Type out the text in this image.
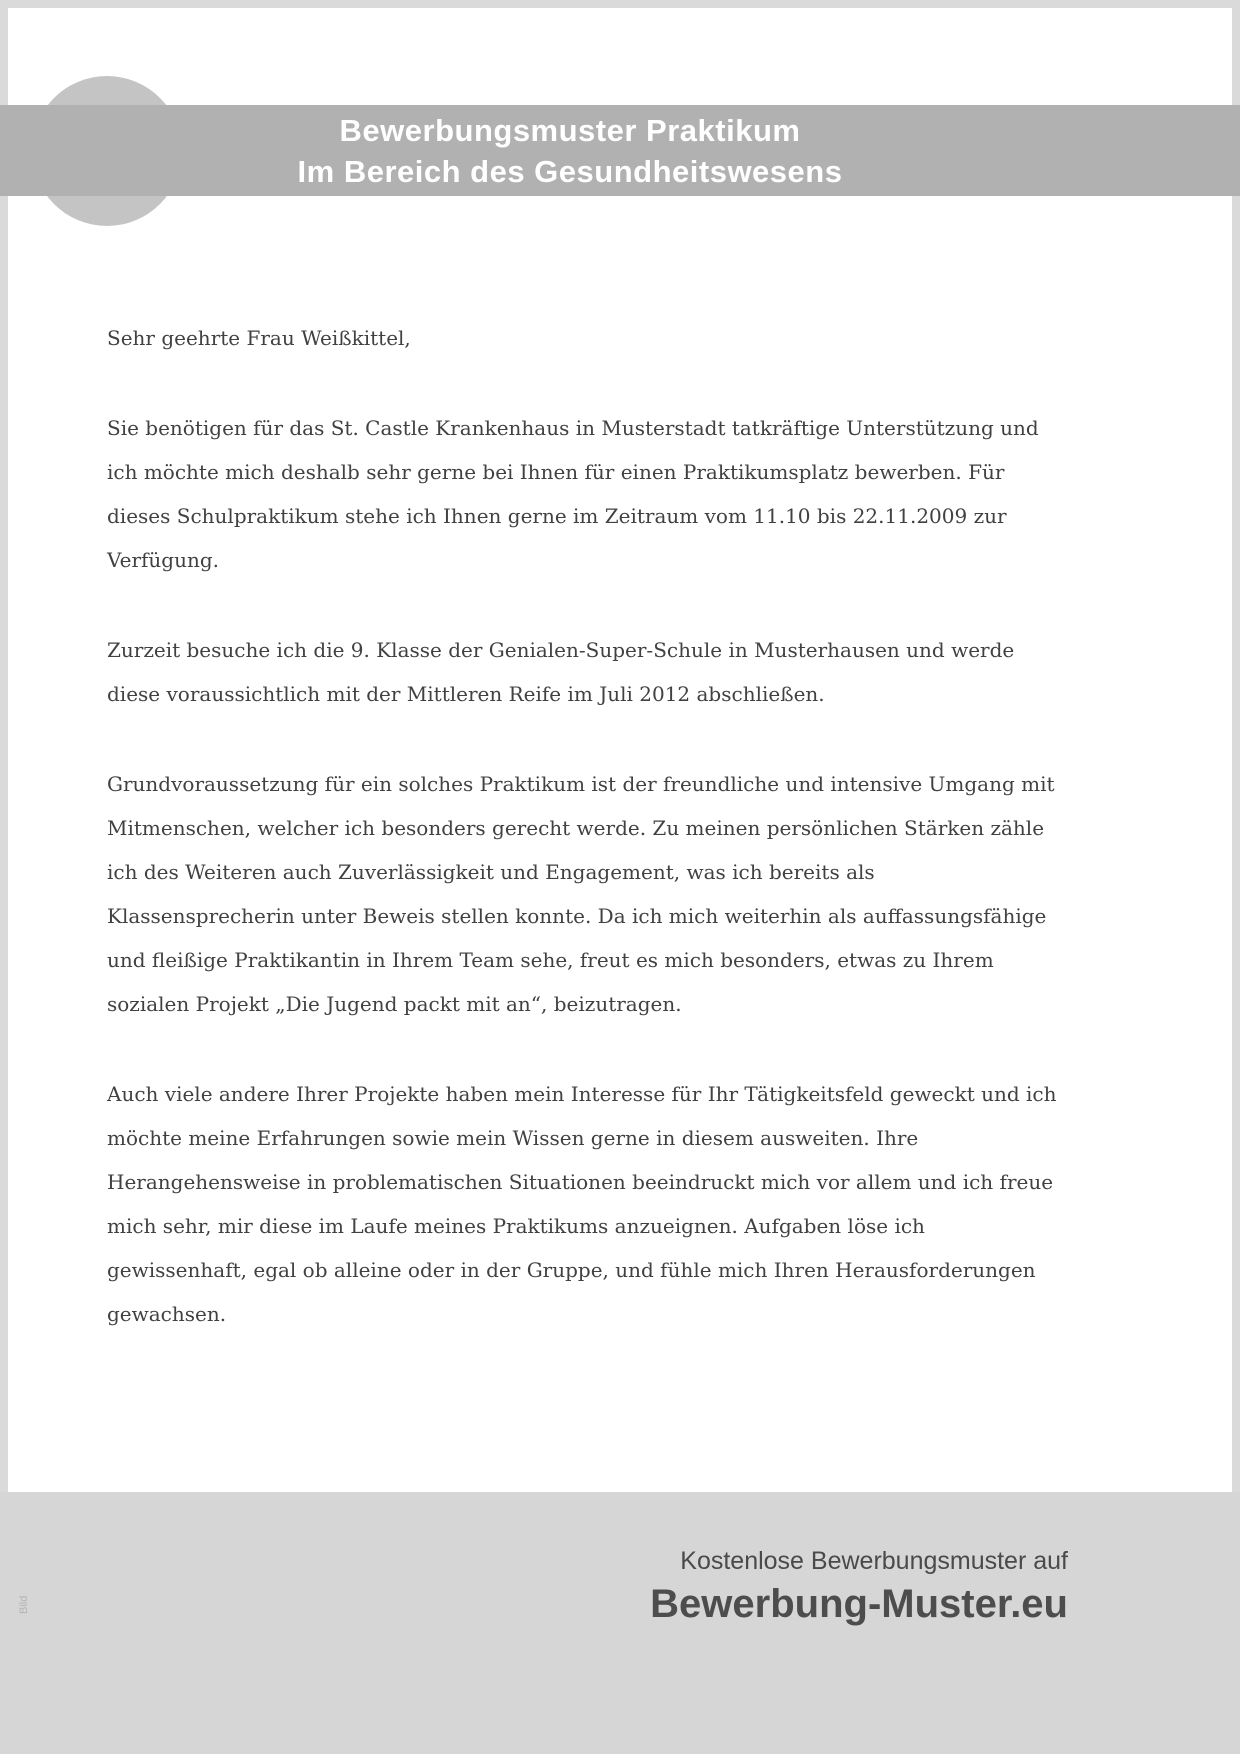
Bewerbungsmuster Praktikum
Im Bereich des Gesundheitswesens

Sehr geehrte Frau Weißkittel,

Sie benötigen für das St. Castle Krankenhaus in Musterstadt tatkräftige Unterstützung und ich möchte mich deshalb sehr gerne bei Ihnen für einen Praktikumsplatz bewerben. Für dieses Schulpraktikum stehe ich Ihnen gerne im Zeitraum vom 11.10 bis 22.11.2009 zur Verfügung.

Zurzeit besuche ich die 9. Klasse der Genialen-Super-Schule in Musterhausen und werde diese voraussichtlich mit der Mittleren Reife im Juli 2012 abschließen.

Grundvoraussetzung für ein solches Praktikum ist der freundliche und intensive Umgang mit Mitmenschen, welcher ich besonders gerecht werde. Zu meinen persönlichen Stärken zähle ich des Weiteren auch Zuverlässigkeit und Engagement, was ich bereits als Klassensprecherin unter Beweis stellen konnte. Da ich mich weiterhin als auffassungsfähige und fleißige Praktikantin in Ihrem Team sehe, freut es mich besonders, etwas zu Ihrem sozialen Projekt „Die Jugend packt mit an“, beizutragen.

Auch viele andere Ihrer Projekte haben mein Interesse für Ihr Tätigkeitsfeld geweckt und ich möchte meine Erfahrungen sowie mein Wissen gerne in diesem ausweiten. Ihre Herangehensweise in problematischen Situationen beeindruckt mich vor allem und ich freue mich sehr, mir diese im Laufe meines Praktikums anzueignen. Aufgaben löse ich gewissenhaft, egal ob alleine oder in der Gruppe, und fühle mich Ihren Herausforderungen gewachsen.

Bild
Kostenlose Bewerbungsmuster auf
Bewerbung-Muster.eu
